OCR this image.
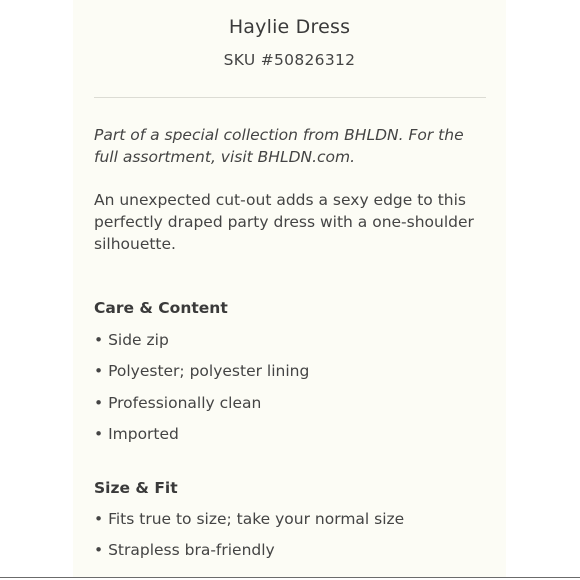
Haylie Dress
SKU #50826312
Part of a special collection from BHLDN. For the full assortment, visit BHLDN.com.
An unexpected cut-out adds a sexy edge to this perfectly draped party dress with a one-shoulder silhouette.
Care & Content
• Side zip
• Polyester; polyester lining
• Professionally clean
• Imported
Size & Fit
• Fits true to size; take your normal size
• Strapless bra-friendly
